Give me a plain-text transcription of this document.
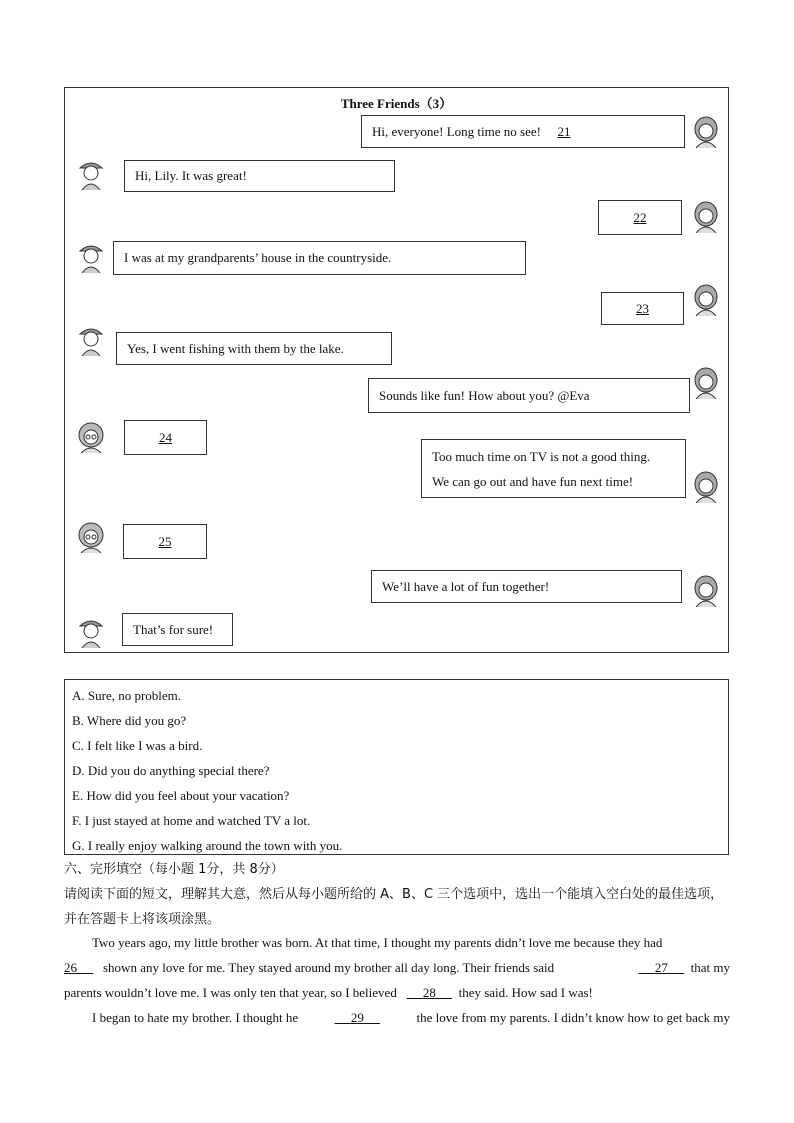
Three Friends（3）
Hi, everyone! Long time no see!
	21
Hi, Lily. It was great!
22
I was at my grandparents’ house in the countryside.
23
Yes, I went fishing with them by the lake.
Sounds like fun! How about you? @Eva
24
Too much time on TV is not a good thing.
We can go out and have fun next time!
25
We’ll have a lot of fun together!
That’s for sure!
A. Sure, no problem.
B. Where did you go?
C. I felt like I was a bird.
D. Did you do anything special there?
E. How did you feel about your vacation?
F. I just stayed at home and watched TV a lot.
G. I really enjoy walking around the town with you.
六、完形填空（每小题 1分，共 8分）
请阅读下面的短文，理解其大意，然后从每小题所给的 A、B、C 三个选项中，选出一个能填入空白处的最佳选项，并在答题卡上将该项涂黑。
Two years ago, my little brother was born. At that time, I thought my parents didn’t love me because they had
26 shown any love for me. They stayed around my brother all day long. Their friends said	27 that my
parents wouldn’t love me. I was only ten that year, so I believed 28 they said. How sad I was!
I began to hate my brother. I thought he	29	the love from my parents. I didn’t know how to get back my
